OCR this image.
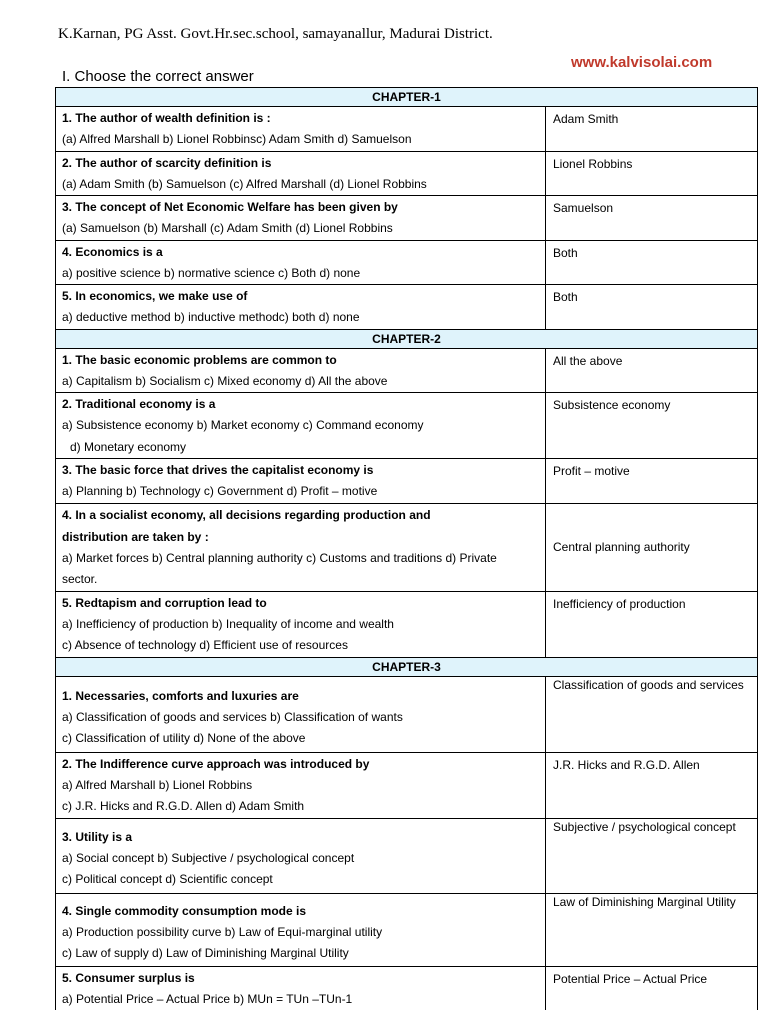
K.Karnan, PG Asst. Govt.Hr.sec.school, samayanallur, Madurai District.
www.kalvisolai.com
I. Choose the correct answer
CHAPTER-1	

1. The author of wealth definition is :
(a) Alfred Marshall b) Lionel Robbinsc) Adam Smith d) Samuelson	Adam Smith

2. The author of scarcity definition is
(a) Adam Smith (b) Samuelson (c) Alfred Marshall (d) Lionel Robbins	Lionel Robbins

3. The concept of Net Economic Welfare has been given by
(a) Samuelson (b) Marshall (c) Adam Smith (d) Lionel Robbins	Samuelson

4. Economics is a
a) positive science b) normative science c) Both d) none	Both

5. In economics, we make use of
a) deductive method b) inductive methodc) both d) none	Both

CHAPTER-2	

1. The basic economic problems are common to
a) Capitalism b) Socialism c) Mixed economy d) All the above	All the above

2. Traditional economy is a
a) Subsistence economy b) Market economy c) Command economy
d) Monetary economy	Subsistence economy

3. The basic force that drives the capitalist economy is
a) Planning b) Technology c) Government d) Profit – motive	Profit – motive

4. In a socialist economy, all decisions regarding production and
distribution are taken by :
a) Market forces b) Central planning authority c) Customs and traditions d) Private
sector.	Central planning authority

5. Redtapism and corruption lead to
a) Inefficiency of production b) Inequality of income and wealth
c) Absence of technology d) Efficient use of resources	Inefficiency of production

CHAPTER-3	

1. Necessaries, comforts and luxuries are
a) Classification of goods and services b) Classification of wants
c) Classification of utility d) None of the above	Classification of goods and services

2. The Indifference curve approach was introduced by
a) Alfred Marshall b) Lionel Robbins
c) J.R. Hicks and R.G.D. Allen d) Adam Smith	J.R. Hicks and R.G.D. Allen

3. Utility is a
a) Social concept b) Subjective / psychological concept
c) Political concept d) Scientific concept	Subjective / psychological concept

4. Single commodity consumption mode is
a) Production possibility curve b) Law of Equi-marginal utility
c) Law of supply d) Law of Diminishing Marginal Utility	Law of Diminishing Marginal Utility

5. Consumer surplus is
a) Potential Price – Actual Price b) MUn = TUn –TUn-1	Potential Price – Actual Price
